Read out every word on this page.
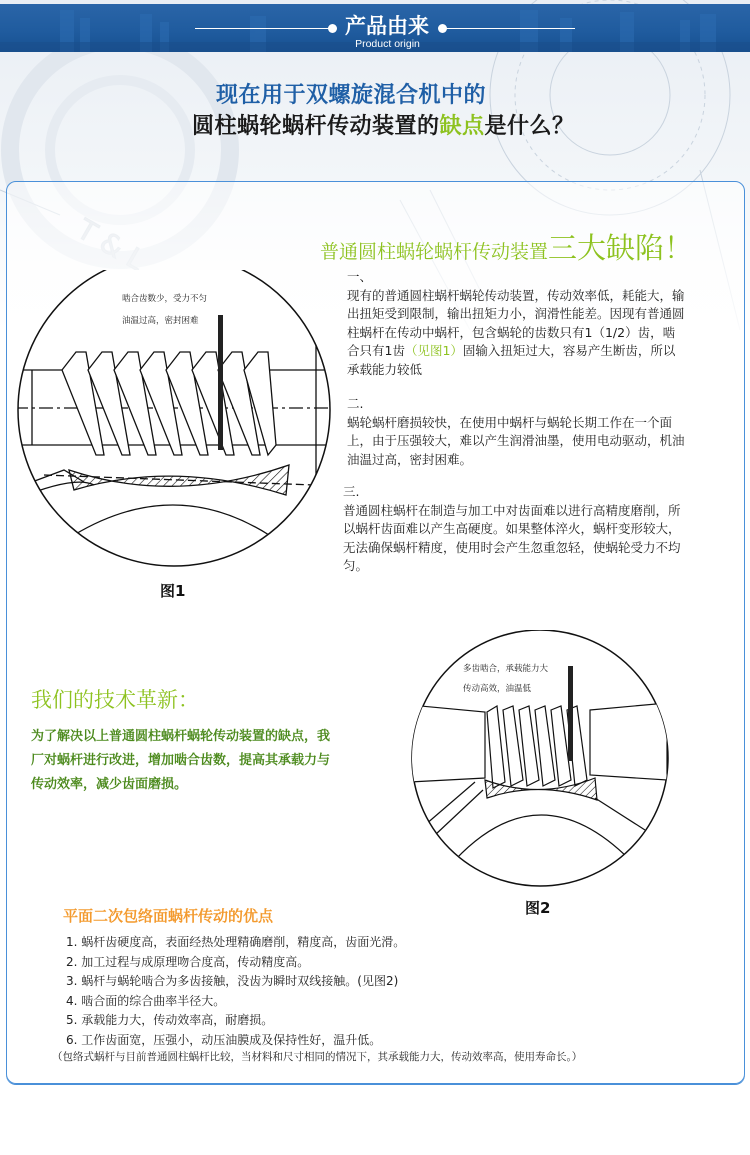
产品由来
Product origin
现在用于双螺旋混合机中的
圆柱蜗轮蜗杆传动装置的缺点是什么？
普通圆柱蜗轮蜗杆传动装置三大缺陷！
一、
现有的普通圆柱蜗杆蜗轮传动装置，传动效率低，耗能大，输出扭矩受到限制，输出扭矩力小，润滑性能差。因现有普通圆柱蜗杆在传动中蜗杆，包含蜗轮的齿数只有1（1/2）齿，啮合只有1齿（见图1）固输入扭矩过大，容易产生断齿，所以承载能力较低
二.
蜗轮蜗杆磨损较快，在使用中蜗杆与蜗轮长期工作在一个面上，由于压强较大，难以产生润滑油墨，使用电动驱动，机油油温过高，密封困难。
三.
普通圆柱蜗杆在制造与加工中对齿面难以进行高精度磨削，所以蜗杆齿面难以产生高硬度。如果整体淬火，蜗杆变形较大，无法确保蜗杆精度，使用时会产生忽重忽轻，使蜗轮受力不均匀。
啮合齿数少，受力不匀
油温过高，密封困难
图1
多齿啮合，承载能力大
传动高效，油温低
图2
我们的技术革新：
为了解决以上普通圆柱蜗杆蜗轮传动装置的缺点，我厂对蜗杆进行改进，增加啮合齿数，提高其承载力与传动效率，减少齿面磨损。
平面二次包络面蜗杆传动的优点
1. 蜗杆齿硬度高，表面经热处理精确磨削，精度高，齿面光滑。
2. 加工过程与成原理吻合度高，传动精度高。
3. 蜗杆与蜗轮啮合为多齿接触，没齿为瞬时双线接触。(见图2)
4. 啮合面的综合曲率半径大。
5. 承载能力大，传动效率高，耐磨损。
6. 工作齿面宽，压强小，动压油膜成及保持性好，温升低。
（包络式蜗杆与目前普通圆柱蜗杆比较，当材料和尺寸相同的情况下，其承载能力大，传动效率高，使用寿命长。）
